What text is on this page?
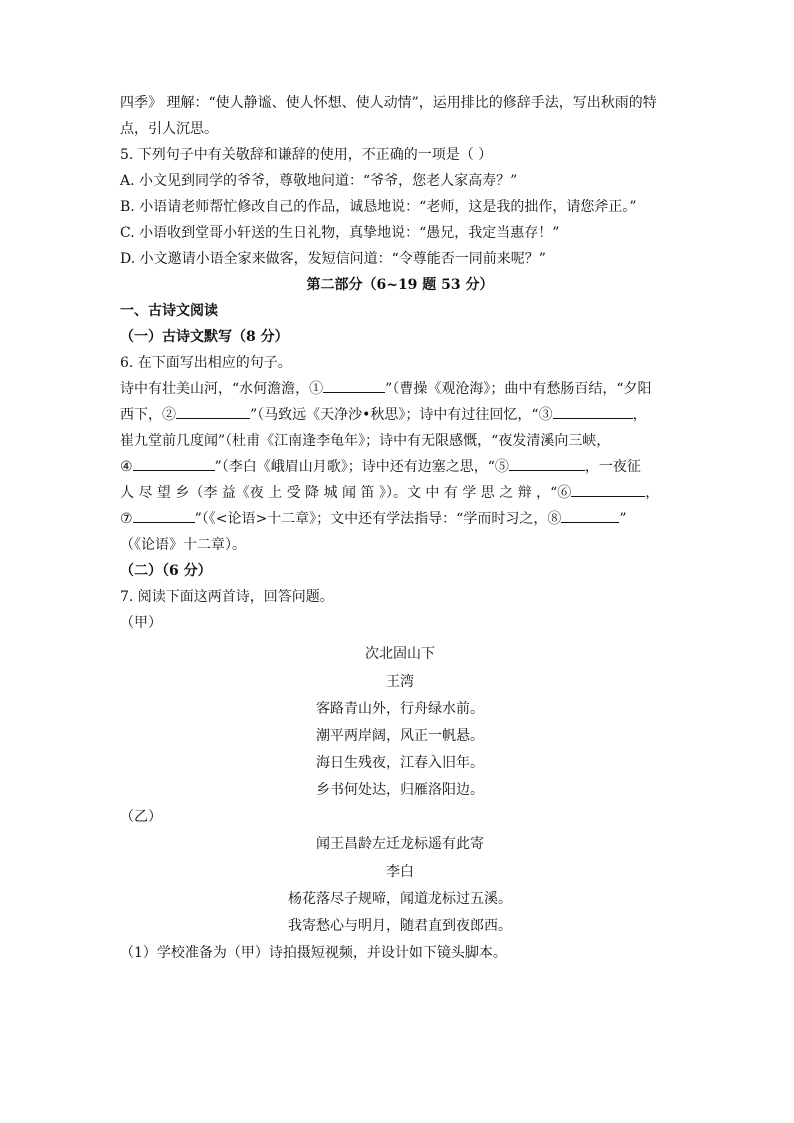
四季》 理解：“使人静谧、使人怀想、使人动情”，运用排比的修辞手法，写出秋雨的特

点，引人沉思。

5. 下列句子中有关敬辞和谦辞的使用，不正确的一项是（ ）

A. 小文见到同学的爷爷，尊敬地问道：“爷爷，您老人家高寿？”

B. 小语请老师帮忙修改自己的作品，诚恳地说：“老师，这是我的拙作，请您斧正。”

C. 小语收到堂哥小轩送的生日礼物，真挚地说：“愚兄，我定当惠存！”

D. 小文邀请小语全家来做客，发短信问道：“令尊能否一同前来呢？”

第二部分（6~19 题 53 分）

一、古诗文阅读

（一）古诗文默写（8 分）

6. 在下面写出相应的句子。

诗中有壮美山河，“水何澹澹，①	”（曹操《观沧海》；曲中有愁肠百结，“夕阳

西下，②	”（马致远《天净沙•秋思》；诗中有过往回忆，“③	，

崔九堂前几度闻”（杜甫《江南逢李龟年》；诗中有无限感慨，“夜发清溪向三峡，

④	”（李白《峨眉山月歌》；诗中还有边塞之思，“⑤	，一夜征

人 尽 望 乡（李 益《夜 上 受 降 城 闻 笛 》）。文 中 有 学 思 之 辩 ，“⑥	，

⑦	”（《<论语>十二章》；文中还有学法指导：“学而时习之，⑧	”

（《论语》十二章）。

（二）（6 分）

7. 阅读下面这两首诗，回答问题。

（甲）

次北固山下
王湾
客路青山外，行舟绿水前。
潮平两岸阔，风正一帆悬。
海日生残夜，江春入旧年。
乡书何处达，归雁洛阳边。

（乙）

闻王昌龄左迁龙标遥有此寄
李白
杨花落尽子规啼，闻道龙标过五溪。
我寄愁心与明月，随君直到夜郎西。

（1）学校准备为（甲）诗拍摄短视频，并设计如下镜头脚本。
